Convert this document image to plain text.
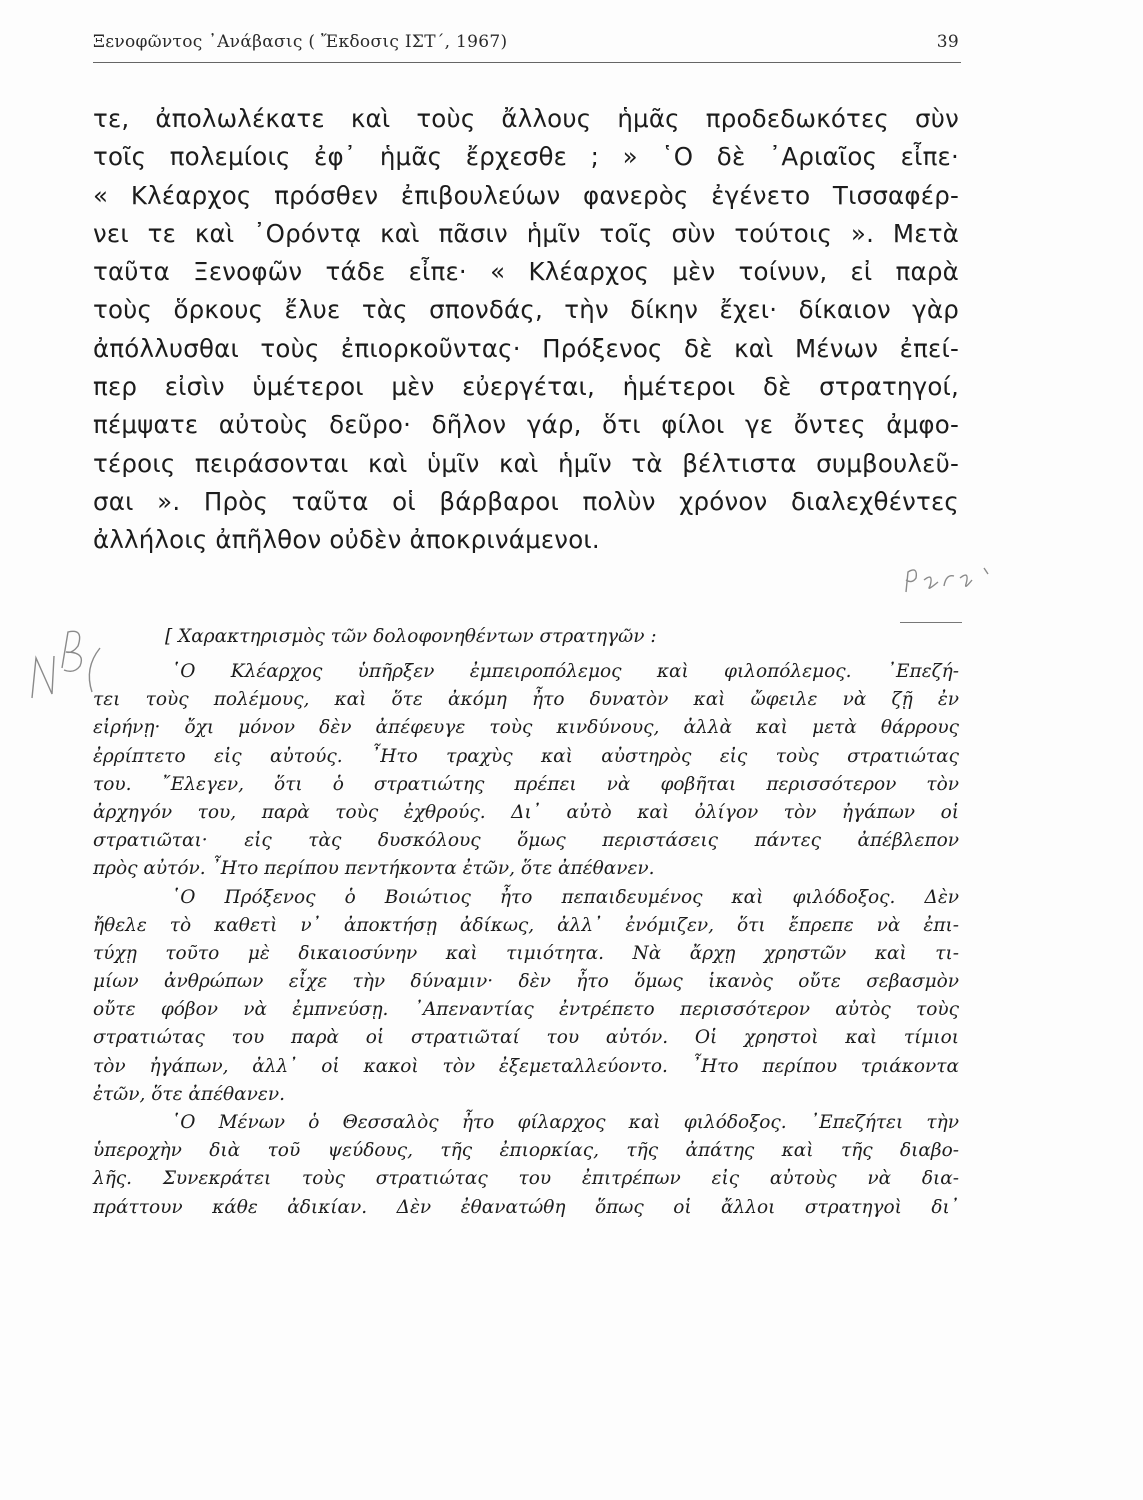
Ξενοφῶντος ᾿Ανάβασις ( Ἔκδοσις ΙΣΤ΄, 1967)	39
τε, ἀπολωλέκατε καὶ τοὺς ἄλλους ἡμᾶς προδεδωκότες σὺν
τοῖς πολεμίοις ἐφ᾿ ἡμᾶς ἔρχεσθε ; » ῾Ο δὲ ᾿Αριαῖος εἶπε·
« Κλέαρχος πρόσθεν ἐπιβουλεύων φανερὸς ἐγένετο Τισσαφέρ-
νει τε καὶ ᾿Ορόντᾳ καὶ πᾶσιν ἡμῖν τοῖς σὺν τούτοις ». Μετὰ
ταῦτα Ξενοφῶν τάδε εἶπε· « Κλέαρχος μὲν τοίνυν, εἰ παρὰ
τοὺς ὅρκους ἔλυε τὰς σπονδάς, τὴν δίκην ἔχει· δίκαιον γὰρ
ἀπόλλυσθαι τοὺς ἐπιορκοῦντας· Πρόξενος δὲ καὶ Μένων ἐπεί-
περ εἰσὶν ὑμέτεροι μὲν εὐεργέται, ἡμέτεροι δὲ στρατηγοί,
πέμψατε αὐτοὺς δεῦρο· δῆλον γάρ, ὅτι φίλοι γε ὄντες ἀμφο-
τέροις πειράσονται καὶ ὑμῖν καὶ ἡμῖν τὰ βέλτιστα συμβουλεῦ-
σαι ». Πρὸς ταῦτα οἱ βάρβαροι πολὺν χρόνον διαλεχθέντες
ἀλλήλοις ἀπῆλθον οὐδὲν ἀποκρινάμενοι.
[ Χαρακτηρισμὸς τῶν δολοφονηθέντων στρατηγῶν :
῾Ο Κλέαρχος ὑπῆρξεν ἐμπειροπόλεμος καὶ φιλοπόλεμος. ᾿Επεζή-
τει τοὺς πολέμους, καὶ ὅτε ἀκόμη ἦτο δυνατὸν καὶ ὤφειλε νὰ ζῇ ἐν
εἰρήνῃ· ὄχι μόνον δὲν ἀπέφευγε τοὺς κινδύνους, ἀλλὰ καὶ μετὰ θάρρους
ἐρρίπτετο εἰς αὐτούς. ῏Ητο τραχὺς καὶ αὐστηρὸς εἰς τοὺς στρατιώτας
του. ῎Ελεγεν, ὅτι ὁ στρατιώτης πρέπει νὰ φοβῆται περισσότερον τὸν
ἀρχηγόν του, παρὰ τοὺς ἐχθρούς. Δι᾿ αὐτὸ καὶ ὀλίγον τὸν ἠγάπων οἱ
στρατιῶται· εἰς τὰς δυσκόλους ὅμως περιστάσεις πάντες ἀπέβλεπον
πρὸς αὐτόν. ῏Ητο περίπου πεντήκοντα ἐτῶν, ὅτε ἀπέθανεν.
῾Ο Πρόξενος ὁ Βοιώτιος ἦτο πεπαιδευμένος καὶ φιλόδοξος. Δὲν
ἤθελε τὸ καθετὶ ν᾿ ἀποκτήσῃ ἀδίκως, ἀλλ᾿ ἐνόμιζεν, ὅτι ἔπρεπε νὰ ἐπι-
τύχῃ τοῦτο μὲ δικαιοσύνην καὶ τιμιότητα. Νὰ ἄρχῃ χρηστῶν καὶ τι-
μίων ἀνθρώπων εἶχε τὴν δύναμιν· δὲν ἦτο ὅμως ἱκανὸς οὔτε σεβασμὸν
οὔτε φόβον νὰ ἐμπνεύσῃ. ᾿Απεναντίας ἐντρέπετο περισσότερον αὐτὸς τοὺς
στρατιώτας του παρὰ οἱ στρατιῶταί του αὐτόν. Οἱ χρηστοὶ καὶ τίμιοι
τὸν ἠγάπων, ἀλλ᾿ οἱ κακοὶ τὸν ἐξεμεταλλεύοντο. ῏Ητο περίπου τριάκοντα
ἐτῶν, ὅτε ἀπέθανεν.
῾Ο Μένων ὁ Θεσσαλὸς ἦτο φίλαρχος καὶ φιλόδοξος. ᾿Επεζήτει τὴν
ὑπεροχὴν διὰ τοῦ ψεύδους, τῆς ἐπιορκίας, τῆς ἀπάτης καὶ τῆς διαβο-
λῆς. Συνεκράτει τοὺς στρατιώτας του ἐπιτρέπων εἰς αὐτοὺς νὰ δια-
πράττουν κάθε ἀδικίαν. Δὲν ἐθανατώθη ὅπως οἱ ἄλλοι στρατηγοὶ δι᾿
